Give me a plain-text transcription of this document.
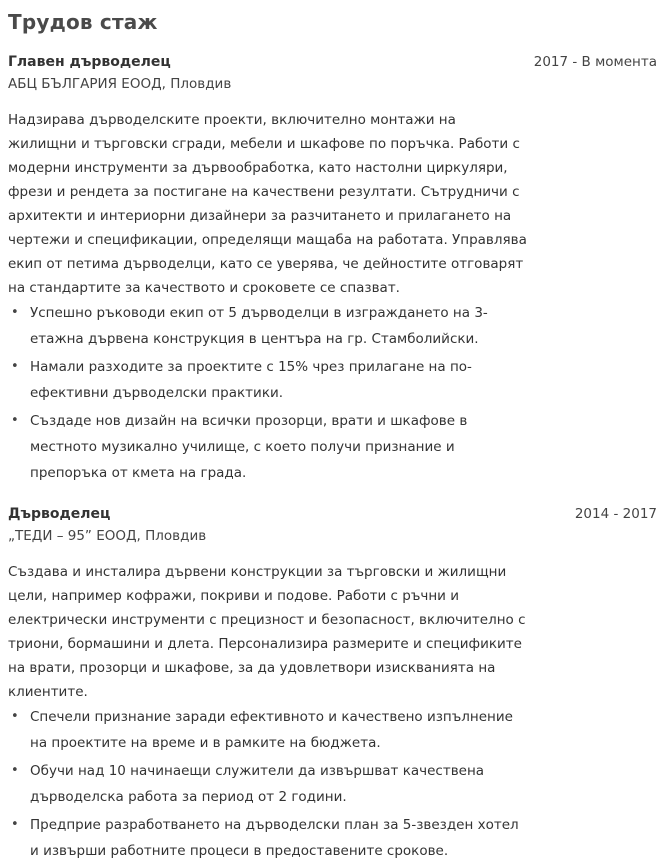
Трудов стаж
Главен дърводелец	2017 - В момента
АБЦ БЪЛГАРИЯ ЕООД, Пловдив

Надзирава дърводелските проекти, включително монтажи на жилищни и търговски сгради, мебели и шкафове по поръчка. Работи с модерни инструменти за дървообработка, като настолни циркуляри, фрези и рендета за постигане на качествени резултати. Сътрудничи с архитекти и интериорни дизайнери за разчитането и прилагането на чертежи и спецификации, определящи мащаба на работата. Управлява екип от петима дърводелци, като се уверява, че дейностите отговарят на стандартите за качеството и сроковете се спазват.

• Успешно ръководи екип от 5 дърводелци в изграждането на 3-етажна дървена конструкция в центъра на гр. Стамболийски.
• Намали разходите за проектите с 15% чрез прилагане на по-ефективни дърводелски практики.
• Създаде нов дизайн на всички прозорци, врати и шкафове в местното музикално училище, с което получи признание и препоръка от кмета на града.
Дърводелец	2014 - 2017
„ТЕДИ – 95” ЕООД, Пловдив

Създава и инсталира дървени конструкции за търговски и жилищни цели, например кофражи, покриви и подове. Работи с ръчни и електрически инструменти с прецизност и безопасност, включително с триони, бормашини и длета. Персонализира размерите и спецификите на врати, прозорци и шкафове, за да удовлетвори изискванията на клиентите.

• Спечели признание заради ефективното и качествено изпълнение на проектите на време и в рамките на бюджета.
• Обучи над 10 начинаещи служители да извършват качествена дърводелска работа за период от 2 години.
• Предприе разработването на дърводелски план за 5-звезден хотел и извърши работните процеси в предоставените срокове.
